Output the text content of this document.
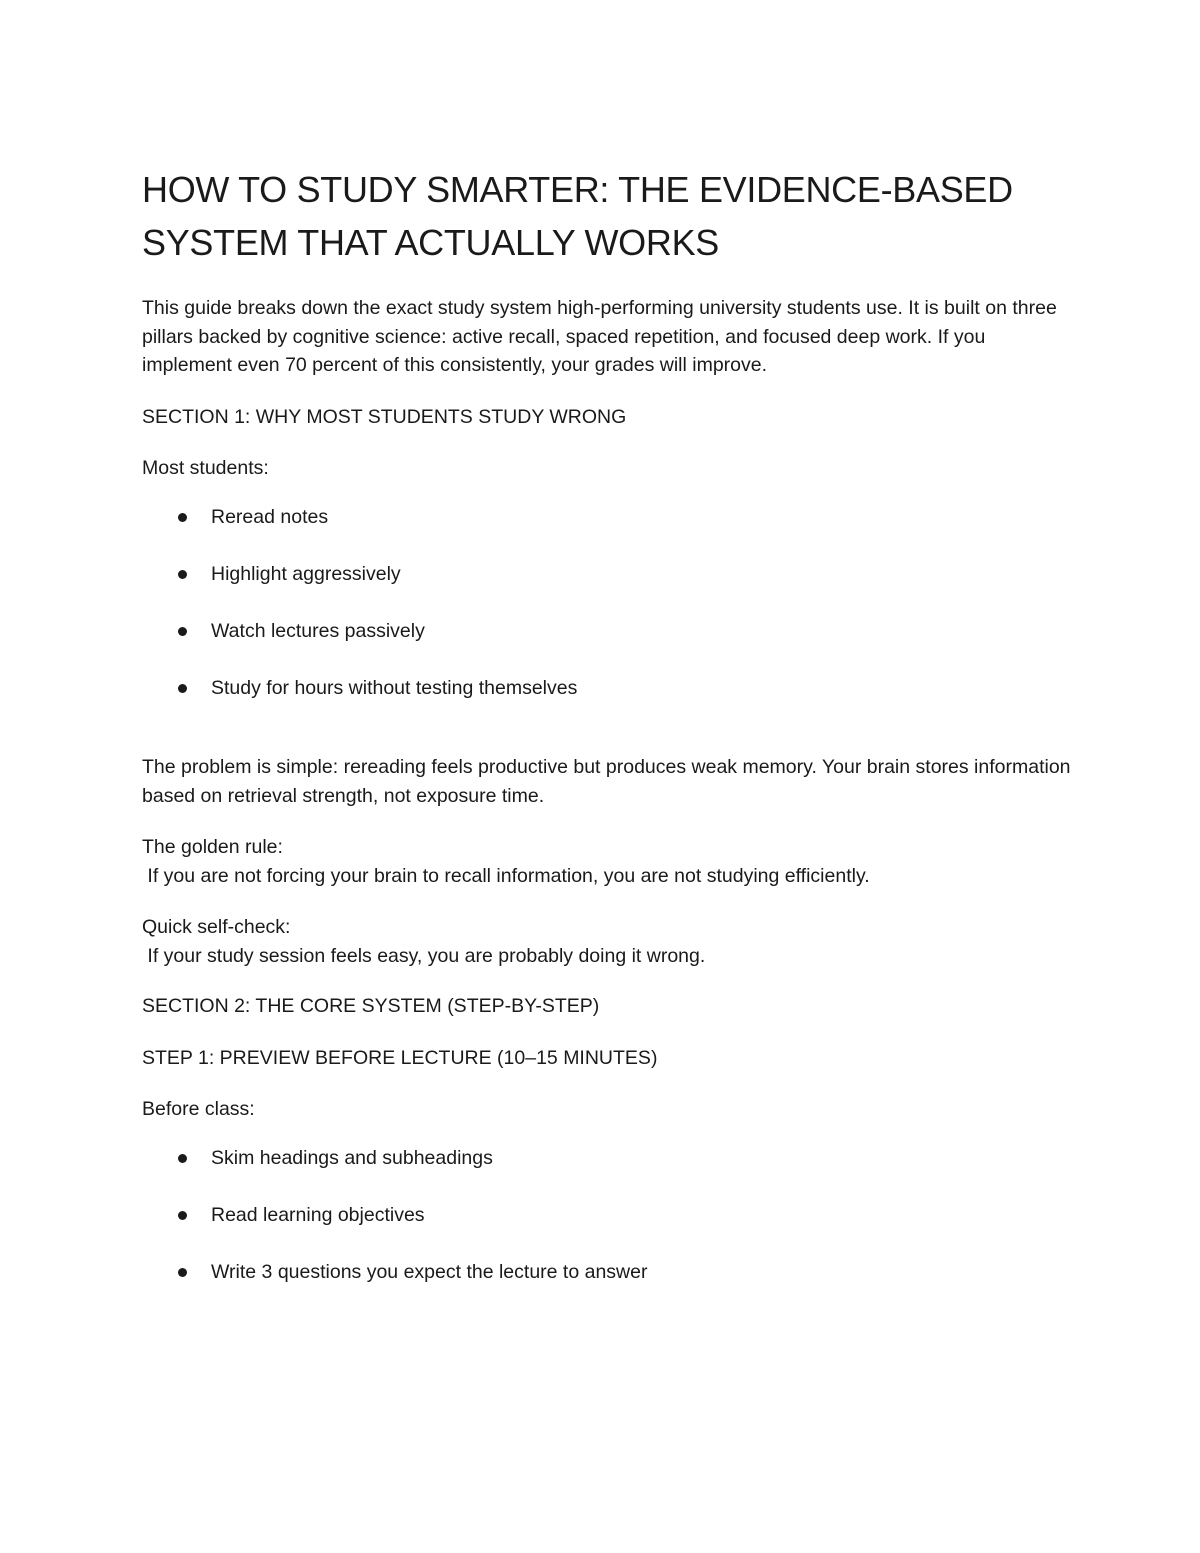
HOW TO STUDY SMARTER: THE EVIDENCE-BASED SYSTEM THAT ACTUALLY WORKS

This guide breaks down the exact study system high-performing university students use. It is built on three pillars backed by cognitive science: active recall, spaced repetition, and focused deep work. If you implement even 70 percent of this consistently, your grades will improve.

SECTION 1: WHY MOST STUDENTS STUDY WRONG

Most students:

Reread notes
Highlight aggressively
Watch lectures passively
Study for hours without testing themselves

The problem is simple: rereading feels productive but produces weak memory. Your brain stores information based on retrieval strength, not exposure time.

The golden rule:

If you are not forcing your brain to recall information, you are not studying efficiently.

Quick self-check:

If your study session feels easy, you are probably doing it wrong.

SECTION 2: THE CORE SYSTEM (STEP-BY-STEP)

STEP 1: PREVIEW BEFORE LECTURE (10–15 MINUTES)

Before class:

Skim headings and subheadings
Read learning objectives
Write 3 questions you expect the lecture to answer
